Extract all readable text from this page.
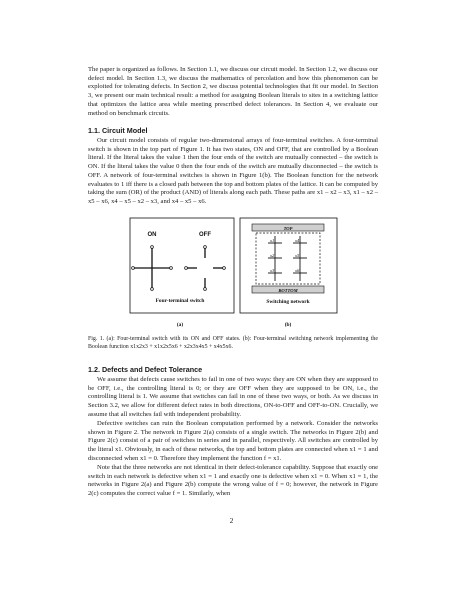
The paper is organized as follows. In Section 1.1, we discuss our circuit model. In Section 1.2, we discuss our defect model. In Section 1.3, we discuss the mathematics of percolation and how this phenomenon can be exploited for tolerating defects. In Section 2, we discuss potential technologies that fit our model. In Section 3, we present our main technical result: a method for assigning Boolean literals to sites in a switching lattice that optimizes the lattice area while meeting prescribed defect tolerances. In Section 4, we evaluate our method on benchmark circuits.

1.1. Circuit Model

Our circuit model consists of regular two-dimensional arrays of four-terminal switches. A four-terminal switch is shown in the top part of Figure 1. It has two states, ON and OFF, that are controlled by a Boolean literal. If the literal takes the value 1 then the four ends of the switch are mutually connected – the switch is ON. If the literal takes the value 0 then the four ends of the switch are mutually disconnected – the switch is OFF. A network of four-terminal switches is shown in Figure 1(b). The Boolean function for the network evaluates to 1 iff there is a closed path between the top and bottom plates of the lattice. It can be computed by taking the sum (OR) of the product (AND) of literals along each path. These paths are x1 – x2 – x3, x1 – x2 – x5 – x6, x4 – x5 – x2 – x3, and x4 – x5 – x6.

ON	OFF
Four-terminal switch
TOP
BOTTOM
x1	x4
x2	x5
x3	x6
Switching network
(a)	(b)

Fig. 1. (a): Four-terminal switch with its ON and OFF states. (b): Four-terminal switching network implementing the Boolean function x1x2x3 + x1x2x5x6 + x2x3x4x5 + x4x5x6.

1.2. Defects and Defect Tolerance

We assume that defects cause switches to fail in one of two ways: they are ON when they are supposed to be OFF, i.e., the controlling literal is 0; or they are OFF when they are supposed to be ON, i.e., the controlling literal is 1. We assume that switches can fail in one of these two ways, or both. As we discuss in Section 3.2, we allow for different defect rates in both directions, ON-to-OFF and OFF-to-ON. Crucially, we assume that all switches fail with independent probability.

Defective switches can ruin the Boolean computation performed by a network. Consider the networks shown in Figure 2. The network in Figure 2(a) consists of a single switch. The networks in Figure 2(b) and Figure 2(c) consist of a pair of switches in series and in parallel, respectively. All switches are controlled by the literal x1. Obviously, in each of these networks, the top and bottom plates are connected when x1 = 1 and disconnected when x1 = 0. Therefore they implement the function f = x1.

Note that the three networks are not identical in their defect-tolerance capability. Suppose that exactly one switch in each network is defective when x1 = 1 and exactly one is defective when x1 = 0. When x1 = 1, the networks in Figure 2(a) and Figure 2(b) compute the wrong value of f = 0; however, the network in Figure 2(c) computes the correct value f = 1. Similarly, when

2
